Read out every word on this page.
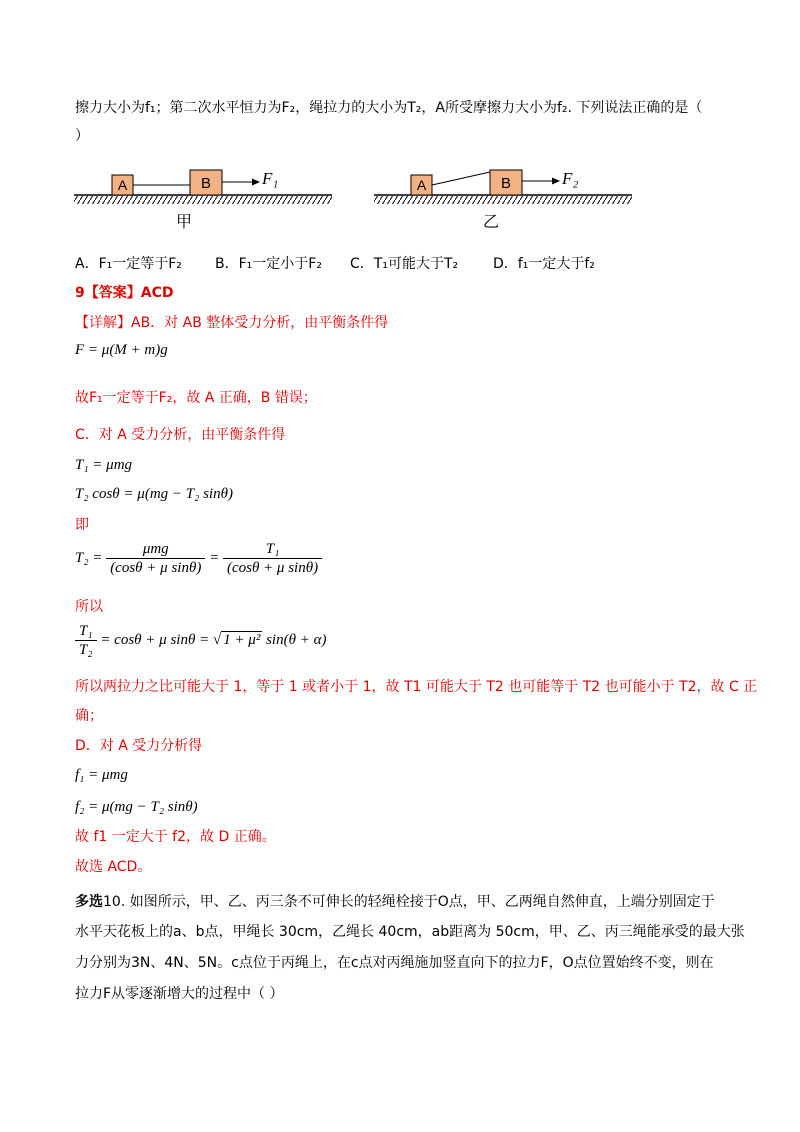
擦力大小为f₁；第二次水平恒力为F₂，绳拉力的大小为T₂，A所受摩擦力大小为f₂. 下列说法正确的是（
）
A	B	F₁
甲
A	B	F₂
乙
A．F₁一定等于F₂ B．F₁一定小于F₂ C．T₁可能大于T₂ D．f₁一定大于f₂
9【答案】ACD
【详解】AB．对 AB 整体受力分析，由平衡条件得
F = μ(M + m)g
故F₁一定等于F₂，故 A 正确，B 错误；
C．对 A 受力分析，由平衡条件得
T₁ = μmg
T₂ cosθ = μ(mg − T₂ sinθ)
即
$T_2 = \frac{\text{μmg}}{\text{(cosθ + μ sinθ)}} = \frac{\text{T₁}}{\text{(cosθ + μ sinθ)}}$
所以
$\frac{\text{T₁}}{\text{T₂}} = \cos\theta + \mu$ sinθ = √ 1 + μ² sin(θ + α)
所以两拉力之比可能大于 1，等于 1 或者小于 1，故 T1 可能大于 T2 也可能等于 T2 也可能小于 T2，故 C 正
确；
D．对 A 受力分析得
f₁ = μmg
f₂ = μ(mg − T₂ sinθ)
故 f1 一定大于 f2，故 D 正确。
故选 ACD。
多选10. 如图所示，甲、乙、丙三条不可伸长的轻绳栓接于O点，甲、乙两绳自然伸直，上端分别固定于
水平天花板上的a、b点，甲绳长 30cm，乙绳长 40cm，ab距离为 50cm，甲、乙、丙三绳能承受的最大张
力分别为3N、4N、5N。c点位于丙绳上，在c点对丙绳施加竖直向下的拉力F，O点位置始终不变，则在
拉力F从零逐渐增大的过程中（ ）
